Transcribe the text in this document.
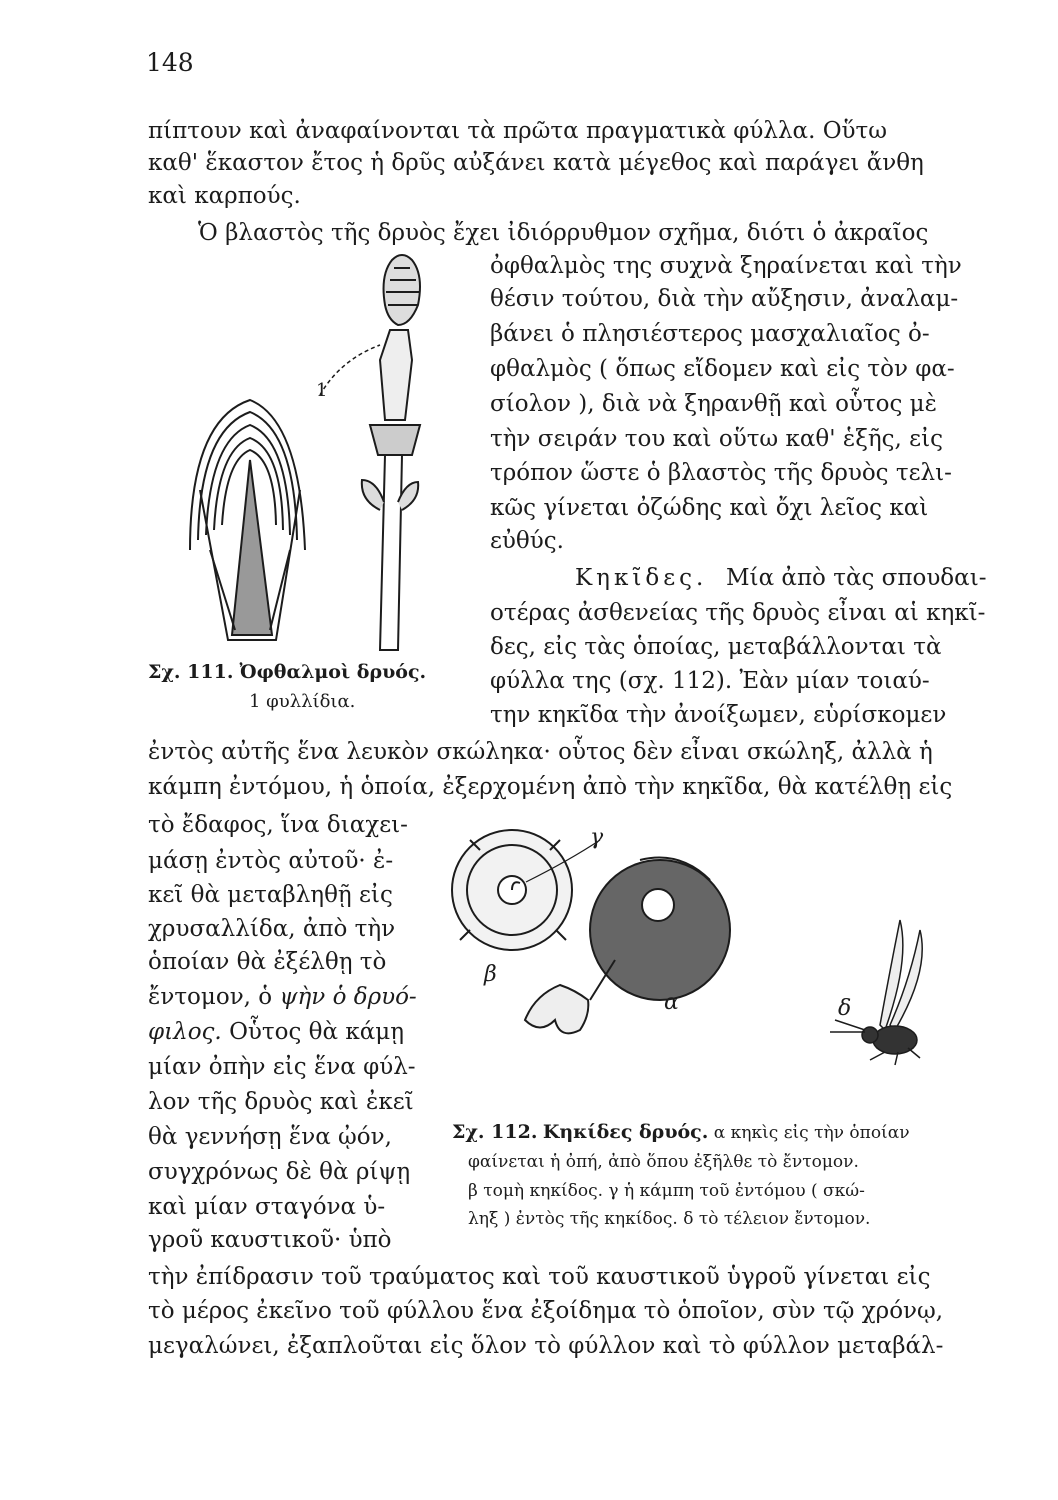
148
πίπτουν καὶ ἀναφαίνονται τὰ πρῶτα πραγματικὰ φύλλα. Οὕτω
καθ' ἕκαστον ἔτος ἡ δρῦς αὐξάνει κατὰ μέγεθος καὶ παράγει ἄνθη
καὶ καρπούς.
Ὁ βλαστὸς τῆς δρυὸς ἔχει ἰδιόρρυθμον σχῆμα, διότι ὁ ἀκραῖος
ὀφθαλμὸς της συχνὰ ξηραίνεται καὶ τὴν
θέσιν τούτου, διὰ τὴν αὔξησιν, ἀναλαμ-
βάνει ὁ πλησιέστερος μασχαλιαῖος ὀ-
φθαλμὸς ( ὅπως εἴδομεν καὶ εἰς τὸν φα-
σίολον ), διὰ νὰ ξηρανθῇ καὶ οὗτος μὲ
τὴν σειράν του καὶ οὕτω καθ' ἑξῆς, εἰς
τρόπον ὥστε ὁ βλαστὸς τῆς δρυὸς τελι-
κῶς γίνεται ὀζώδης καὶ ὄχι λεῖος καὶ
εὐθύς.
Κηκῖδες. Μία ἀπὸ τὰς σπουδαι-
οτέρας ἀσθενείας τῆς δρυὸς εἶναι αἱ κηκῖ-
δες, εἰς τὰς ὁποίας, μεταβάλλονται τὰ
φύλλα της (σχ. 112). Ἐὰν μίαν τοιαύ-
την κηκῖδα τὴν ἀνοίξωμεν, εὑρίσκομεν
ἐντὸς αὐτῆς ἕνα λευκὸν σκώληκα· οὗτος δὲν εἶναι σκώληξ, ἀλλὰ ἡ
κάμπη ἐντόμου, ἡ ὁποία, ἐξερχομένη ἀπὸ τὴν κηκῖδα, θὰ κατέλθῃ εἰς
τὸ ἔδαφος, ἵνα διαχει-
μάσῃ ἐντὸς αὐτοῦ· ἐ-
κεῖ θὰ μεταβληθῇ εἰς
χρυσαλλίδα, ἀπὸ τὴν
ὁποίαν θὰ ἐξέλθῃ τὸ
ἔντομον, ὁ ψὴν ὁ δρυό-
φιλος. Οὗτος θὰ κάμῃ
μίαν ὀπὴν εἰς ἕνα φύλ-
λον τῆς δρυὸς καὶ ἐκεῖ
θὰ γεννήσῃ ἕνα ᾠόν,
συγχρόνως δὲ θὰ ρίψῃ
καὶ μίαν σταγόνα ὑ-
γροῦ καυστικοῦ· ὑπὸ
τὴν ἐπίδρασιν τοῦ τραύματος καὶ τοῦ καυστικοῦ ὑγροῦ γίνεται εἰς
τὸ μέρος ἐκεῖνο τοῦ φύλλου ἕνα ἐξοίδημα τὸ ὁποῖον, σὺν τῷ χρόνῳ,
μεγαλώνει, ἐξαπλοῦται εἰς ὅλον τὸ φύλλον καὶ τὸ φύλλον μεταβάλ-
1
Σχ. 111. Ὀφθαλμοὶ δρυός.
1 φυλλίδια.
α
β
γ
δ
Σχ. 112. Κηκίδες δρυός. α κηκὶς εἰς τὴν ὁποίαν
φαίνεται ἡ ὀπή, ἀπὸ ὅπου ἐξῆλθε τὸ ἔντομον.
β τομὴ κηκίδος. γ ἡ κάμπη τοῦ ἐντόμου ( σκώ-
ληξ ) ἐντὸς τῆς κηκίδος. δ τὸ τέλειον ἔντομον.
